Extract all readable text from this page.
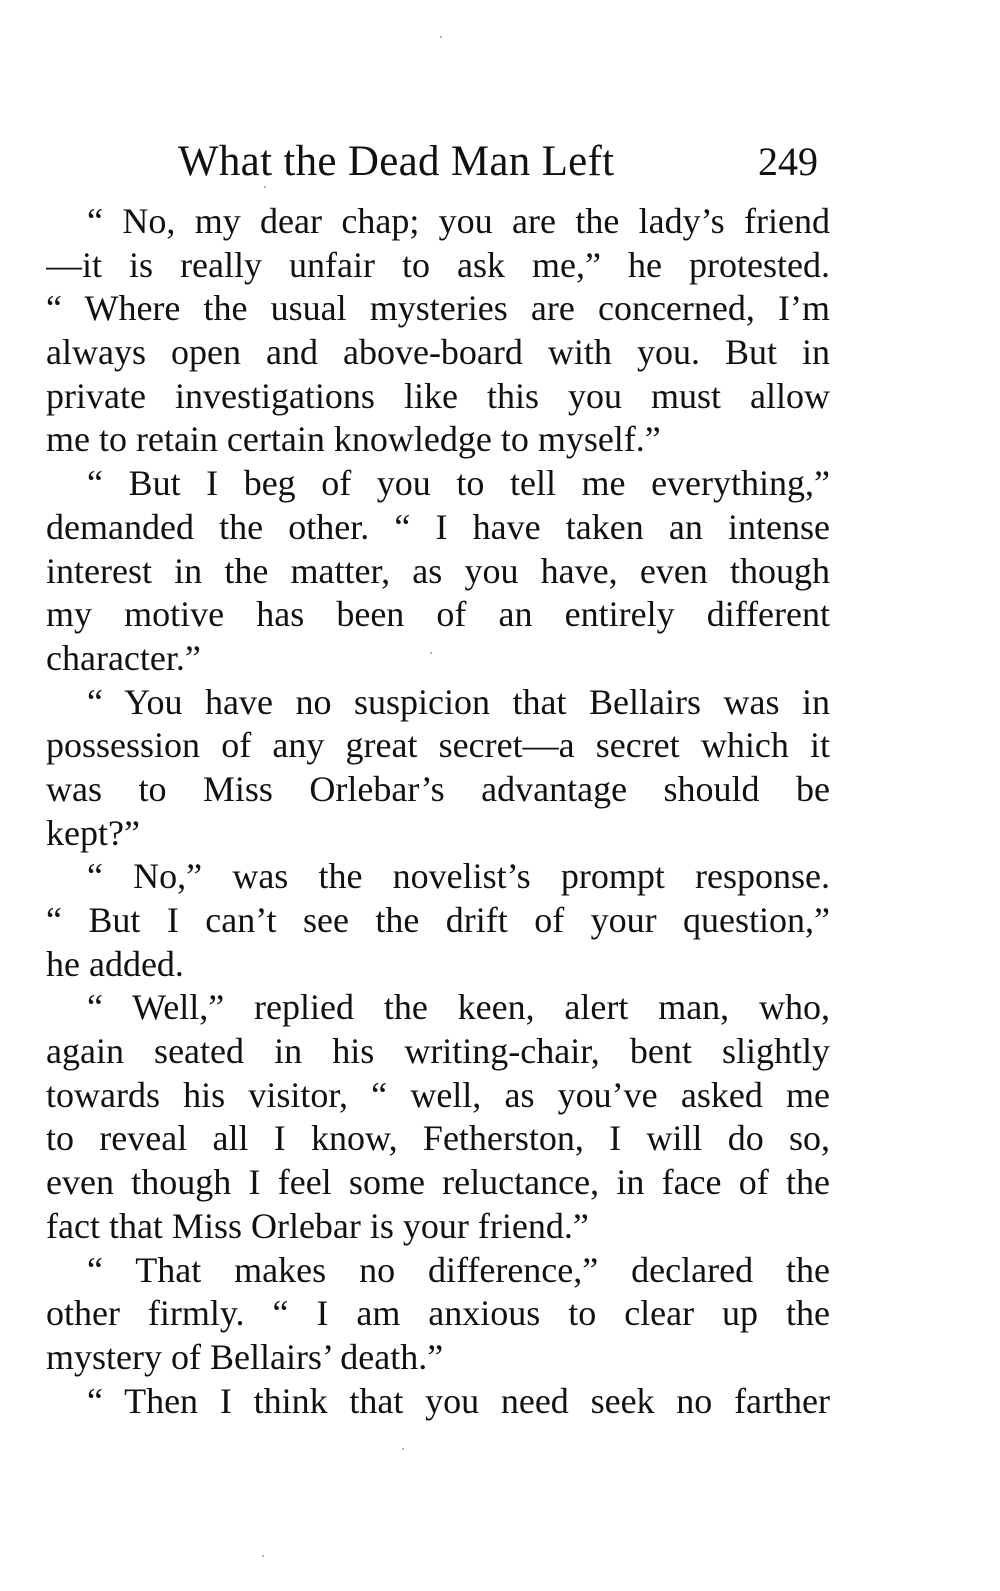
What the Dead Man Left	249
“ No, my dear chap; you are the lady’s friend
—it is really unfair to ask me,” he protested.
“ Where the usual mysteries are concerned, I’m
always open and above-board with you. But in
private investigations like this you must allow
me to retain certain knowledge to myself.”
“ But I beg of you to tell me everything,”
demanded the other. “ I have taken an intense
interest in the matter, as you have, even though
my motive has been of an entirely different
character.”
“ You have no suspicion that Bellairs was in
possession of any great secret—a secret which it
was to Miss Orlebar’s advantage should be
kept?”
“ No,” was the novelist’s prompt response.
“ But I can’t see the drift of your question,”
he added.
“ Well,” replied the keen, alert man, who,
again seated in his writing-chair, bent slightly
towards his visitor, “ well, as you’ve asked me
to reveal all I know, Fetherston, I will do so,
even though I feel some reluctance, in face of the
fact that Miss Orlebar is your friend.”
“ That makes no difference,” declared the
other firmly. “ I am anxious to clear up the
mystery of Bellairs’ death.”
“ Then I think that you need seek no farther
